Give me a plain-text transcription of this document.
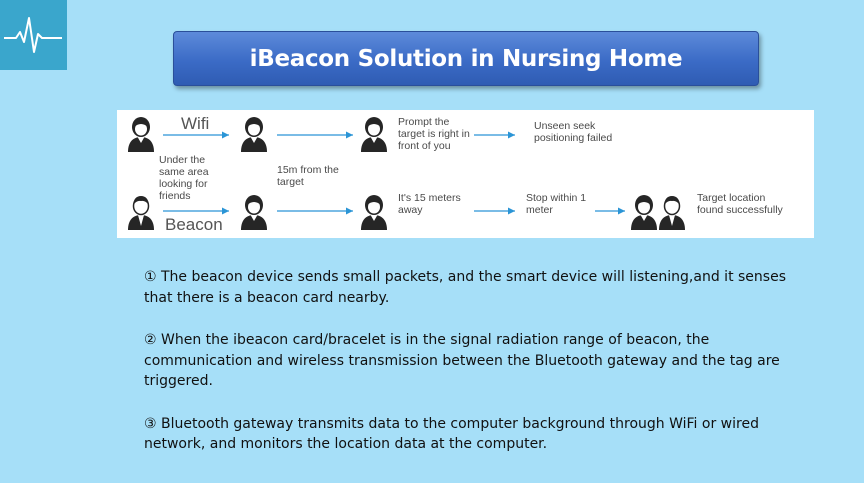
iBeacon Solution in Nursing Home
Wifi
Beacon
Under the same area looking for friends
15m from the target
Prompt the target is right in front of you
Unseen seek positioning failed
It's 15 meters away
Stop within 1 meter
Target location found successfully

① The beacon device sends small packets, and the smart device will listening,and it senses that there is a beacon card nearby.

② When the ibeacon card/bracelet is in the signal radiation range of beacon, the communication and wireless transmission between the Bluetooth gateway and the tag are triggered.

③ Bluetooth gateway transmits data to the computer background through WiFi or wired network, and monitors the location data at the computer.
